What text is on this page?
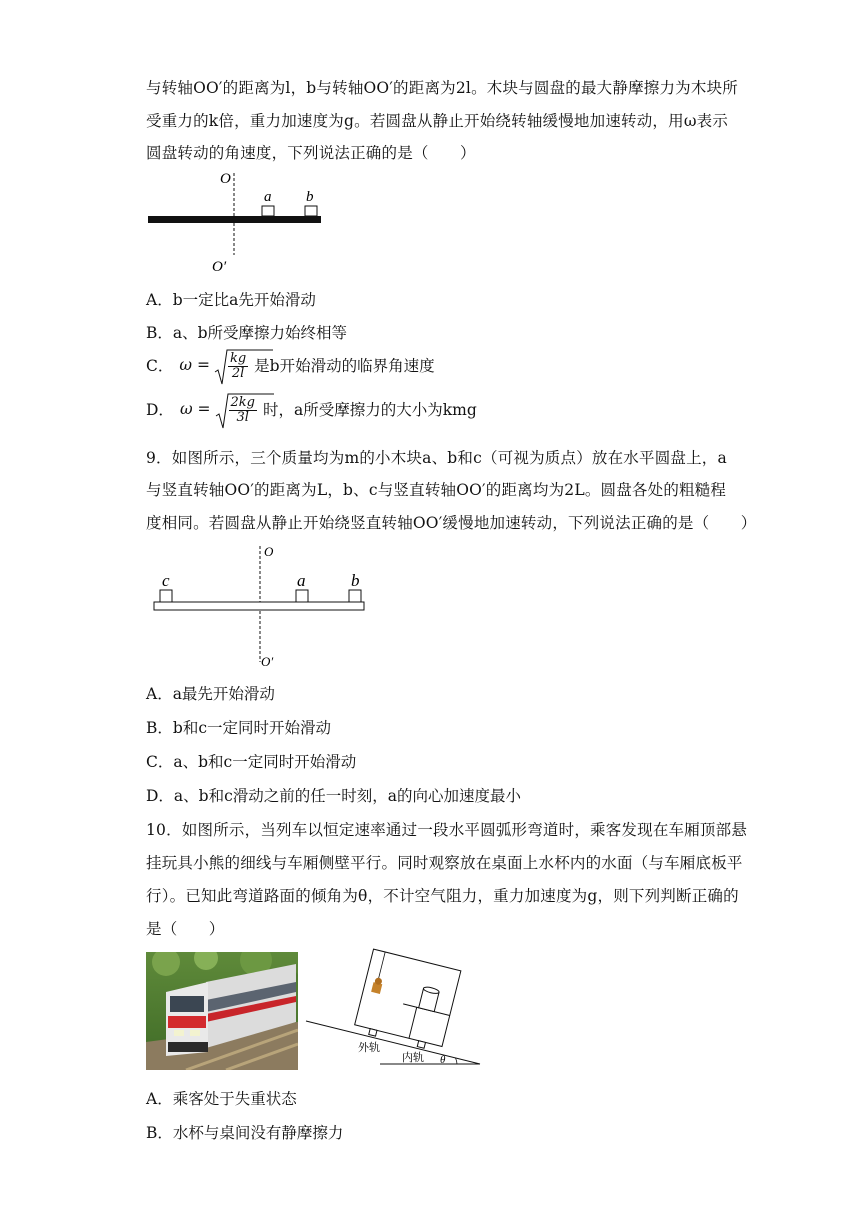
与转轴OO′的距离为l，b与转轴OO′的距离为2l。木块与圆盘的最大静摩擦力为木块所
受重力的k倍，重力加速度为g。若圆盘从静止开始绕转轴缓慢地加速转动，用ω表示
圆盘转动的角速度，下列说法正确的是（　　）
O
a b
O′
A．b一定比a先开始滑动
B．a、b所受摩擦力始终相等
C． $\omega = \frac{kg}{2l}$ 是b开始滑动的临界角速度
D． $\omega = \frac{2kg}{3l}$ 时，a所受摩擦力的大小为kmg
9．如图所示，三个质量均为m的小木块a、b和c（可视为质点）放在水平圆盘上，a
与竖直转轴OO′的距离为L，b、c与竖直转轴OO′的距离均为2L。圆盘各处的粗糙程
度相同。若圆盘从静止开始绕竖直转轴OO′缓慢地加速转动，下列说法正确的是（　　）
O
c	a	b
O′
A．a最先开始滑动
B．b和c一定同时开始滑动
C．a、b和c一定同时开始滑动
D．a、b和c滑动之前的任一时刻，a的向心加速度最小
10．如图所示，当列车以恒定速率通过一段水平圆弧形弯道时，乘客发现在车厢顶部悬
挂玩具小熊的细线与车厢侧壁平行。同时观察放在桌面上水杯内的水面（与车厢底板平
行）。已知此弯道路面的倾角为θ，不计空气阻力，重力加速度为g，则下列判断正确的
是（　　）
外轨
内轨 θ
A．乘客处于失重状态
B．水杯与桌间没有静摩擦力
